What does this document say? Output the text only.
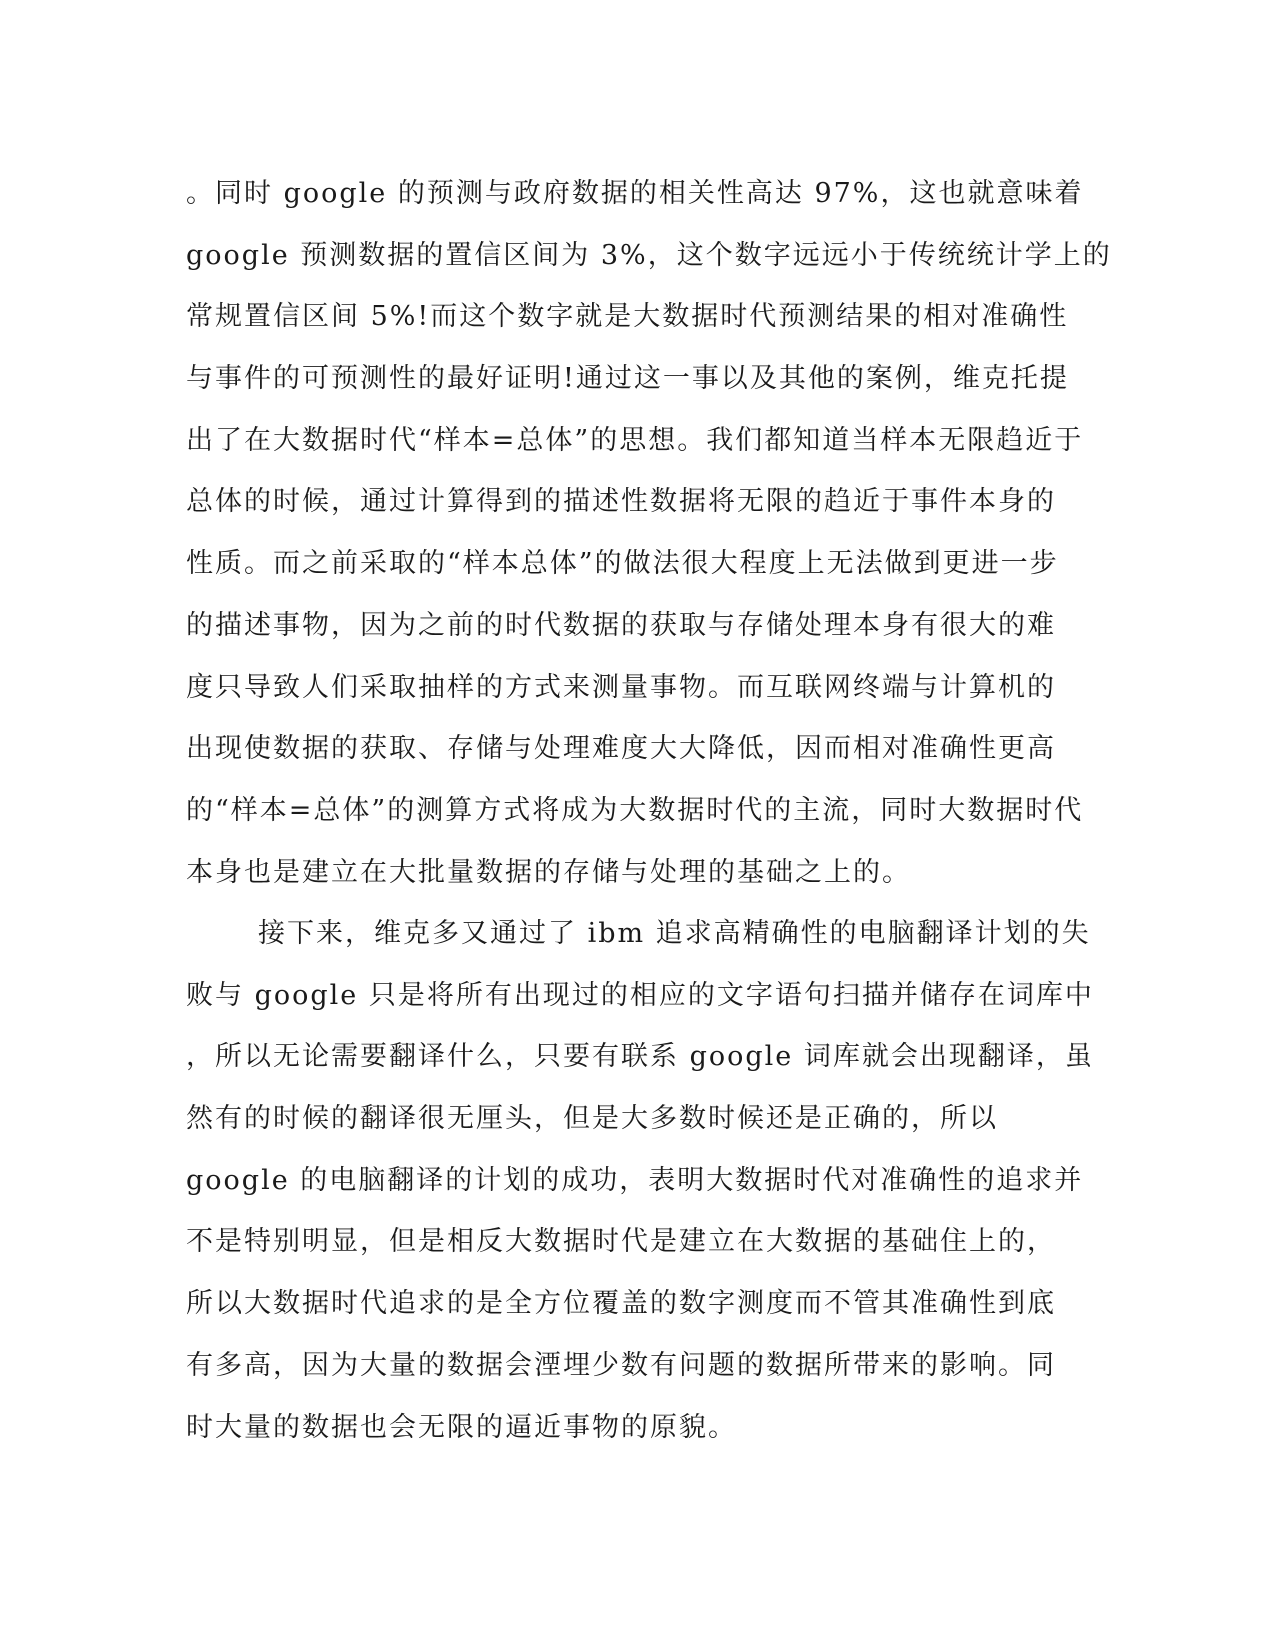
。同时 google 的预测与政府数据的相关性高达 97%，这也就意味着
google 预测数据的置信区间为 3%，这个数字远远小于传统统计学上的
常规置信区间 5%!而这个数字就是大数据时代预测结果的相对准确性
与事件的可预测性的最好证明!通过这一事以及其他的案例，维克托提
出了在大数据时代“样本=总体”的思想。我们都知道当样本无限趋近于
总体的时候，通过计算得到的描述性数据将无限的趋近于事件本身的
性质。而之前采取的“样本总体”的做法很大程度上无法做到更进一步
的描述事物，因为之前的时代数据的获取与存储处理本身有很大的难
度只导致人们采取抽样的方式来测量事物。而互联网终端与计算机的
出现使数据的获取、存储与处理难度大大降低，因而相对准确性更高
的“样本=总体”的测算方式将成为大数据时代的主流，同时大数据时代
本身也是建立在大批量数据的存储与处理的基础之上的。
接下来，维克多又通过了 ibm 追求高精确性的电脑翻译计划的失
败与 google 只是将所有出现过的相应的文字语句扫描并储存在词库中
，所以无论需要翻译什么，只要有联系 google 词库就会出现翻译，虽
然有的时候的翻译很无厘头，但是大多数时候还是正确的，所以
google 的电脑翻译的计划的成功，表明大数据时代对准确性的追求并
不是特别明显，但是相反大数据时代是建立在大数据的基础住上的，
所以大数据时代追求的是全方位覆盖的数字测度而不管其准确性到底
有多高，因为大量的数据会湮埋少数有问题的数据所带来的影响。同
时大量的数据也会无限的逼近事物的原貌。
